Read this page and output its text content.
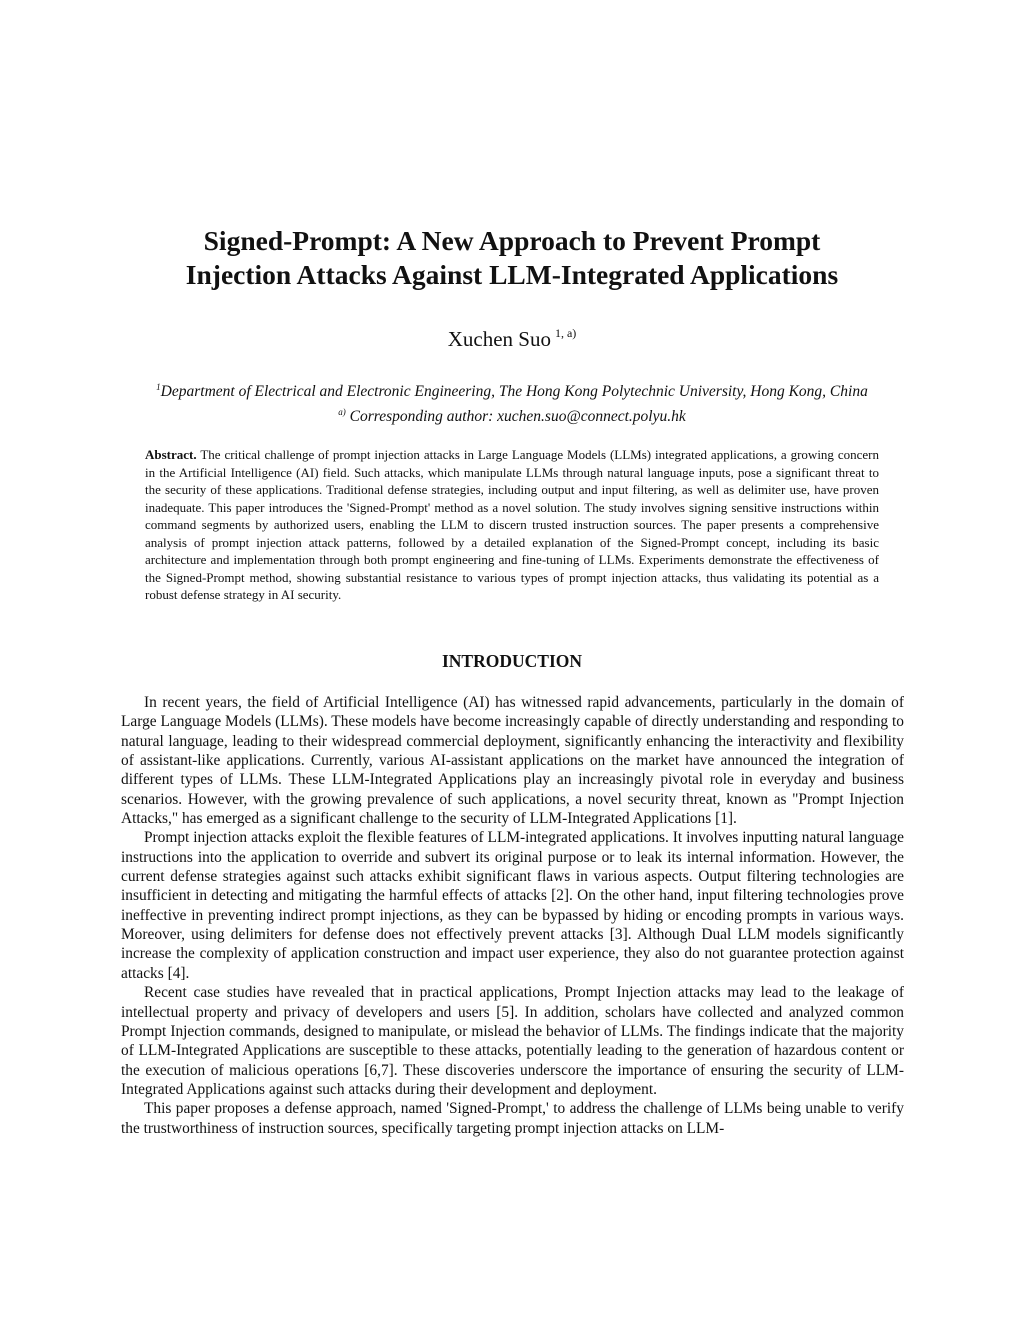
Signed-Prompt: A New Approach to Prevent Prompt
Injection Attacks Against LLM-Integrated Applications
Xuchen Suo $^{1, a)}$
$^1$Department of Electrical and Electronic Engineering, The Hong Kong Polytechnic University, Hong Kong, China
$^{a)}$ Corresponding author: xuchen.suo@connect.polyu.hk

Abstract. The critical challenge of prompt injection attacks in Large Language Models (LLMs) integrated applications, a growing concern in the Artificial Intelligence (AI) field. Such attacks, which manipulate LLMs through natural language inputs, pose a significant threat to the security of these applications. Traditional defense strategies, including output and input filtering, as well as delimiter use, have proven inadequate. This paper introduces the 'Signed-Prompt' method as a novel solution. The study involves signing sensitive instructions within command segments by authorized users, enabling the LLM to discern trusted instruction sources. The paper presents a comprehensive analysis of prompt injection attack patterns, followed by a detailed explanation of the Signed-Prompt concept, including its basic architecture and implementation through both prompt engineering and fine-tuning of LLMs. Experiments demonstrate the effectiveness of the Signed-Prompt method, showing substantial resistance to various types of prompt injection attacks, thus validating its potential as a robust defense strategy in AI security.

INTRODUCTION

In recent years, the field of Artificial Intelligence (AI) has witnessed rapid advancements, particularly in the domain of Large Language Models (LLMs). These models have become increasingly capable of directly understanding and responding to natural language, leading to their widespread commercial deployment, significantly enhancing the interactivity and flexibility of assistant-like applications. Currently, various AI-assistant applications on the market have announced the integration of different types of LLMs. These LLM-Integrated Applications play an increasingly pivotal role in everyday and business scenarios. However, with the growing prevalence of such applications, a novel security threat, known as "Prompt Injection Attacks," has emerged as a significant challenge to the security of LLM-Integrated Applications [1].

Prompt injection attacks exploit the flexible features of LLM-integrated applications. It involves inputting natural language instructions into the application to override and subvert its original purpose or to leak its internal information. However, the current defense strategies against such attacks exhibit significant flaws in various aspects. Output filtering technologies are insufficient in detecting and mitigating the harmful effects of attacks [2]. On the other hand, input filtering technologies prove ineffective in preventing indirect prompt injections, as they can be bypassed by hiding or encoding prompts in various ways. Moreover, using delimiters for defense does not effectively prevent attacks [3]. Although Dual LLM models significantly increase the complexity of application construction and impact user experience, they also do not guarantee protection against attacks [4].

Recent case studies have revealed that in practical applications, Prompt Injection attacks may lead to the leakage of intellectual property and privacy of developers and users [5]. In addition, scholars have collected and analyzed common Prompt Injection commands, designed to manipulate, or mislead the behavior of LLMs. The findings indicate that the majority of LLM-Integrated Applications are susceptible to these attacks, potentially leading to the generation of hazardous content or the execution of malicious operations [6,7]. These discoveries underscore the importance of ensuring the security of LLM-Integrated Applications against such attacks during their development and deployment.

This paper proposes a defense approach, named 'Signed-Prompt,' to address the challenge of LLMs being unable to verify the trustworthiness of instruction sources, specifically targeting prompt injection attacks on LLM-
